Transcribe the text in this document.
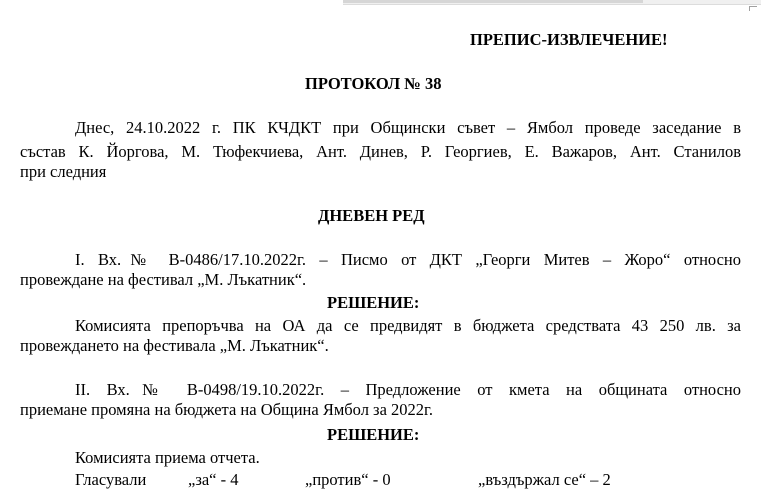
ПРЕПИС-ИЗВЛЕЧЕНИЕ!
ПРОТОКОЛ № 38
Днес, 24.10.2022 г. ПК КЧДКТ при Общински съвет – Ямбол проведе заседание в
състав К. Йоргова, М. Тюфекчиева, Ант. Динев, Р. Георгиев, Е. Важаров, Ант. Станилов
при следния
ДНЕВЕН РЕД
I. Вх.№ В-0486/17.10.2022г. – Писмо от ДКТ „Георги Митев – Жоро“ относно
провеждане на фестивал „М. Лъкатник“.
РЕШЕНИЕ:
Комисията препоръчва на ОА да се предвидят в бюджета средствата 43 250 лв. за
провеждането на фестивала „М. Лъкатник“.
II. Вх.№ В-0498/19.10.2022г. – Предложение от кмета на общината относно
приемане промяна на бюджета на Община Ямбол за 2022г.
РЕШЕНИЕ:
Комисията приема отчета.
Гласували	„за“ - 4	„против“ - 0	„въздържал се“ – 2
